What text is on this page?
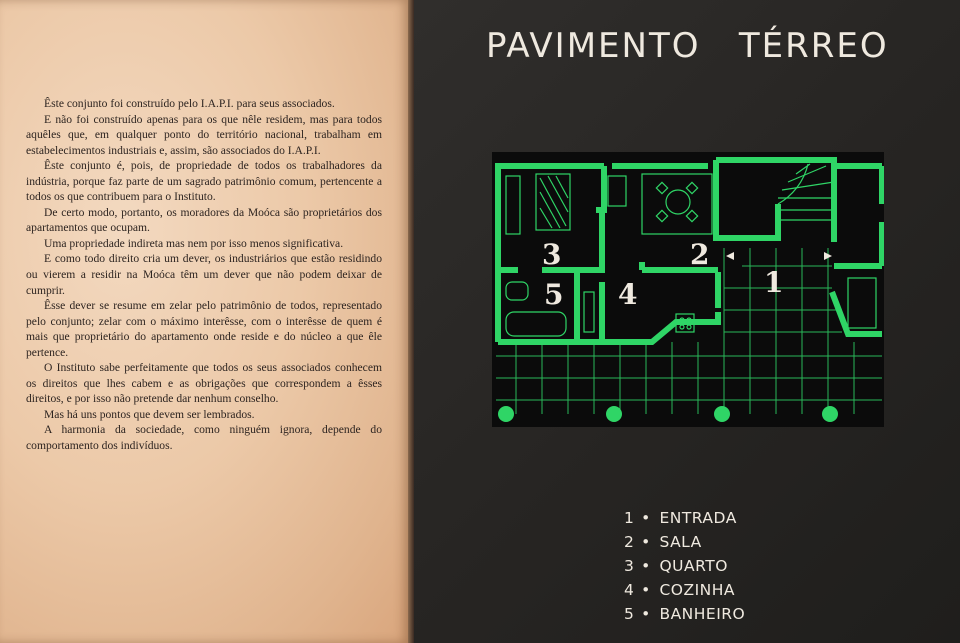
Êste conjunto foi construído pelo I.A.P.I. para seus associados.

E não foi construído apenas para os que nêle residem, mas para todos aquêles que, em qualquer ponto do território nacional, trabalham em estabelecimentos industriais e, assim, são associados do I.A.P.I.

Êste conjunto é, pois, de propriedade de todos os trabalhadores da indústria, porque faz parte de um sagrado patrimônio comum, pertencente a todos os que contribuem para o Instituto.

De certo modo, portanto, os moradores da Moóca são proprietários dos apartamentos que ocupam.

Uma propriedade indireta mas nem por isso menos significativa.

E como todo direito cria um dever, os industriários que estão residindo ou vierem a residir na Moóca têm um dever que não podem deixar de cumprir.

Êsse dever se resume em zelar pelo patrimônio de todos, representado pelo conjunto; zelar com o máximo interêsse, com o interêsse de quem é mais que proprietário do apartamento onde reside e do núcleo a que êle pertence.

O Instituto sabe perfeitamente que todos os seus associados conhecem os direitos que lhes cabem e as obrigações que correspondem a êsses direitos, e por isso não pretende dar nenhum conselho.

Mas há uns pontos que devem ser lembrados.

A harmonia da sociedade, como ninguém ignora, depende do comportamento dos indivíduos.

PAVIMENTO   TÉRREO
3
5 4
2
1
1 • ENTRADA
2 • SALA
3 • QUARTO
4 • COZINHA
5 • BANHEIRO
